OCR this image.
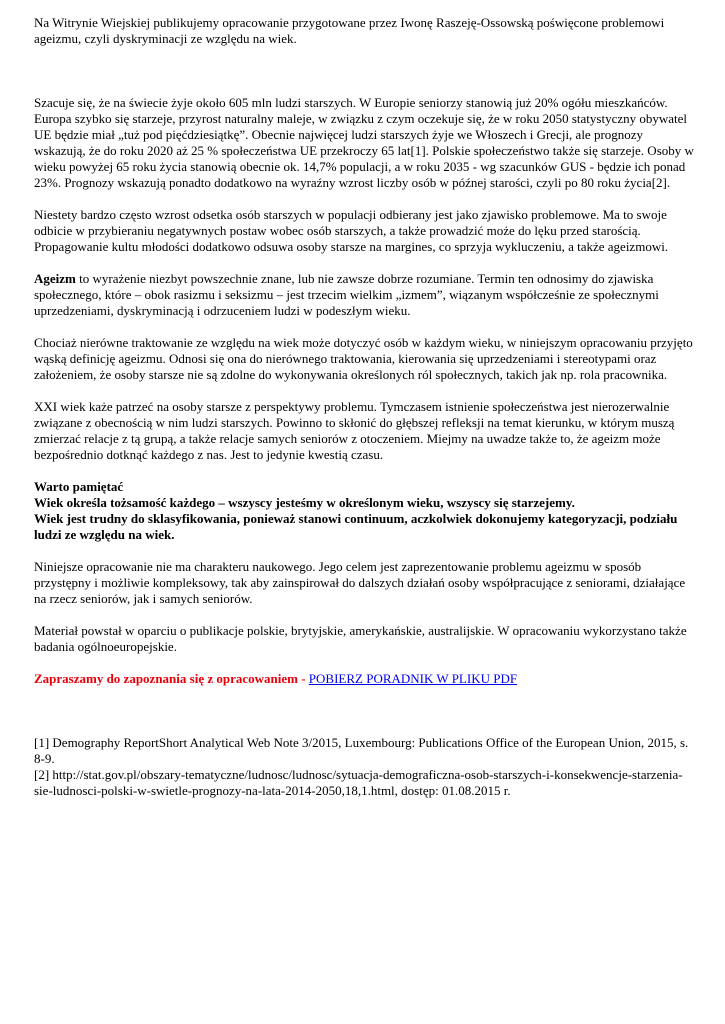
Na Witrynie Wiejskiej publikujemy opracowanie przygotowane przez Iwonę Raszeję-Ossowską poświęcone problemowi ageizmu, czyli dyskryminacji ze względu na wiek.

Szacuje się, że na świecie żyje około 605 mln ludzi starszych. W Europie seniorzy stanowią już 20% ogółu mieszkańców. Europa szybko się starzeje, przyrost naturalny maleje, w związku z czym oczekuje się, że w roku 2050 statystyczny obywatel UE będzie miał „tuż pod pięćdziesiątkę”. Obecnie najwięcej ludzi starszych żyje we Włoszech i Grecji, ale prognozy wskazują, że do roku 2020 aż 25 % społeczeństwa UE przekroczy 65 lat[1]. Polskie społeczeństwo także się starzeje. Osoby w wieku powyżej 65 roku życia stanowią obecnie ok. 14,7% populacji, a w roku 2035 - wg szacunków GUS - będzie ich ponad 23%. Prognozy wskazują ponadto dodatkowo na wyraźny wzrost liczby osób w późnej starości, czyli po 80 roku życia[2].

Niestety bardzo często wzrost odsetka osób starszych w populacji odbierany jest jako zjawisko problemowe. Ma to swoje odbicie w przybieraniu negatywnych postaw wobec osób starszych, a także prowadzić może do lęku przed starością. Propagowanie kultu młodości dodatkowo odsuwa osoby starsze na margines, co sprzyja wykluczeniu, a także ageizmowi.

Ageizm to wyrażenie niezbyt powszechnie znane, lub nie zawsze dobrze rozumiane. Termin ten odnosimy do zjawiska społecznego, które – obok rasizmu i seksizmu – jest trzecim wielkim „izmem”, wiązanym współcześnie ze społecznymi uprzedzeniami, dyskryminacją i odrzuceniem ludzi w podeszłym wieku.

Chociaż nierówne traktowanie ze względu na wiek może dotyczyć osób w każdym wieku, w niniejszym opracowaniu przyjęto wąską definicję ageizmu. Odnosi się ona do nierównego traktowania, kierowania się uprzedzeniami i stereotypami oraz założeniem, że osoby starsze nie są zdolne do wykonywania określonych ról społecznych, takich jak np. rola pracownika.

XXI wiek każe patrzeć na osoby starsze z perspektywy problemu. Tymczasem istnienie społeczeństwa jest nierozerwalnie związane z obecnością w nim ludzi starszych. Powinno to skłonić do głębszej refleksji na temat kierunku, w którym muszą zmierzać relacje z tą grupą, a także relacje samych seniorów z otoczeniem. Miejmy na uwadze także to, że ageizm może bezpośrednio dotknąć każdego z nas. Jest to jedynie kwestią czasu.

Warto pamiętać

Wiek określa tożsamość każdego – wszyscy jesteśmy w określonym wieku, wszyscy się starzejemy.

Wiek jest trudny do sklasyfikowania, ponieważ stanowi continuum, aczkolwiek dokonujemy kategoryzacji, podziału ludzi ze względu na wiek.

Niniejsze opracowanie nie ma charakteru naukowego. Jego celem jest zaprezentowanie problemu ageizmu w sposób przystępny i możliwie kompleksowy, tak aby zainspirował do dalszych działań osoby współpracujące z seniorami, działające na rzecz seniorów, jak i samych seniorów.

Materiał powstał w oparciu o publikacje polskie, brytyjskie, amerykańskie, australijskie. W opracowaniu wykorzystano także badania ogólnoeuropejskie.

Zapraszamy do zapoznania się z opracowaniem - POBIERZ PORADNIK W PLIKU PDF

[1] Demography ReportShort Analytical Web Note 3/2015, Luxembourg: Publications Office of the European Union, 2015, s. 8-9.

[2] http://stat.gov.pl/obszary-tematyczne/ludnosc/ludnosc/sytuacja-demograficzna-osob-starszych-i-konsekwencje-starzenia-sie-ludnosci-polski-w-swietle-prognozy-na-lata-2014-2050,18,1.html, dostęp: 01.08.2015 r.
